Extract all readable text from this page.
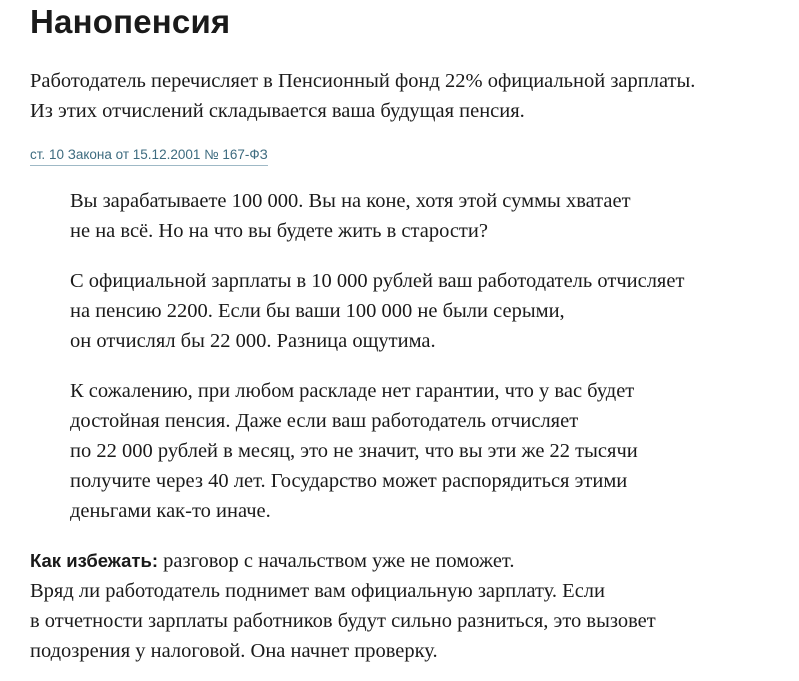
Нанопенсия
Работодатель перечисляет в Пенсионный фонд 22% официальной зарплаты.
Из этих отчислений складывается ваша будущая пенсия.
ст. 10 Закона от 15.12.2001 № 167-ФЗ

Вы зарабатываете 100 000. Вы на коне, хотя этой суммы хватает
не на всё. Но на что вы будете жить в старости?

С официальной зарплаты в 10 000 рублей ваш работодатель отчисляет
на пенсию 2200. Если бы ваши 100 000 не были серыми,
он отчислял бы 22 000. Разница ощутима.

К сожалению, при любом раскладе нет гарантии, что у вас будет
достойная пенсия. Даже если ваш работодатель отчисляет
по 22 000 рублей в месяц, это не значит, что вы эти же 22 тысячи
получите через 40 лет. Государство может распорядиться этими
деньгами как-то иначе.

Как избежать: разговор с начальством уже не поможет.
Вряд ли работодатель поднимет вам официальную зарплату. Если
в отчетности зарплаты работников будут сильно разниться, это вызовет
подозрения у налоговой. Она начнет проверку.
